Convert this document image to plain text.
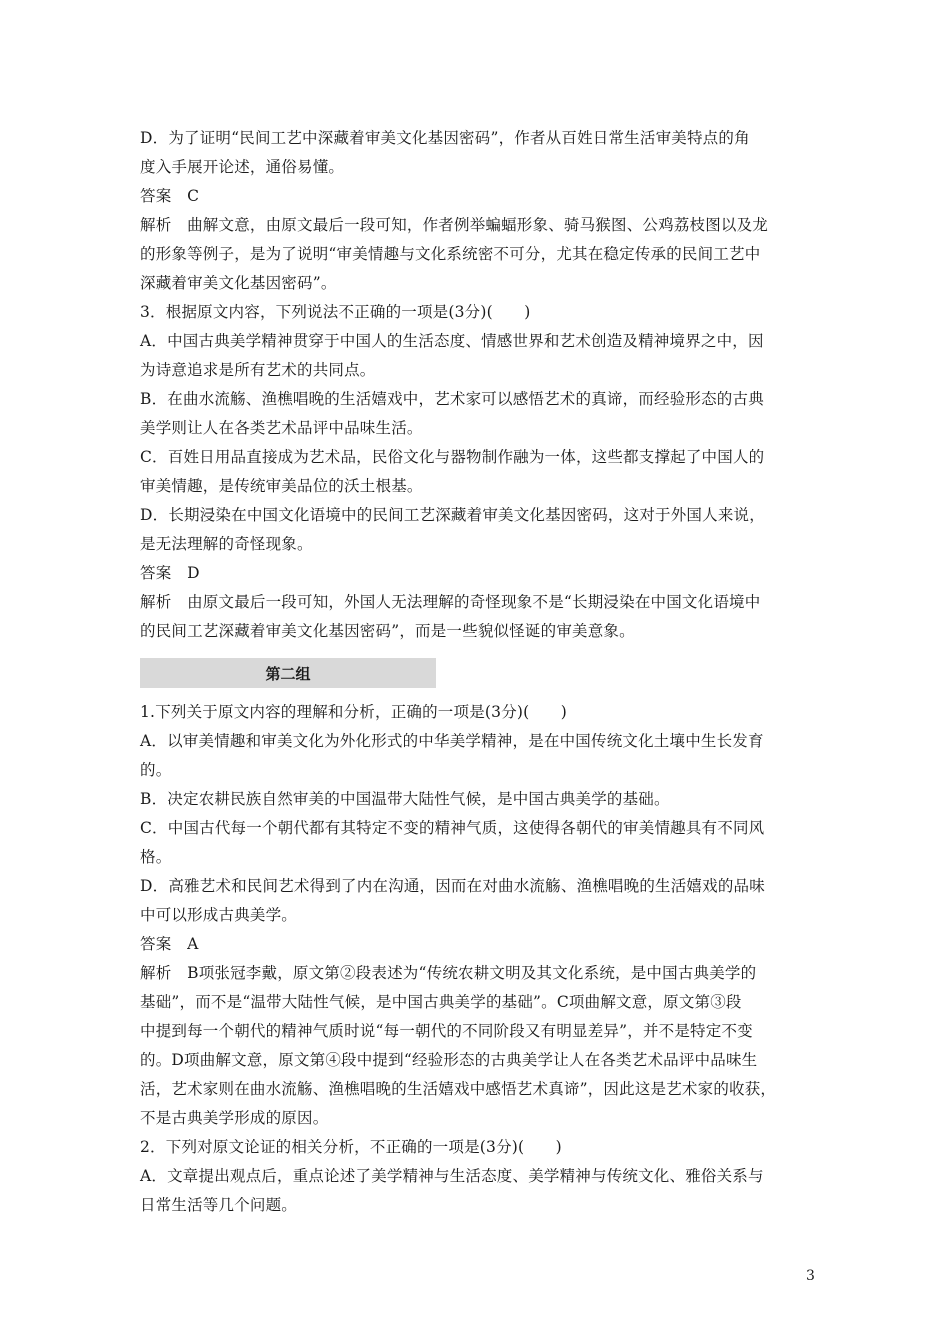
D．为了证明“民间工艺中深藏着审美文化基因密码”，作者从百姓日常生活审美特点的角
度入手展开论述，通俗易懂。
答案　C
解析　曲解文意，由原文最后一段可知，作者例举蝙蝠形象、骑马猴图、公鸡荔枝图以及龙
的形象等例子，是为了说明“审美情趣与文化系统密不可分，尤其在稳定传承的民间工艺中
深藏着审美文化基因密码”。
3．根据原文内容，下列说法不正确的一项是(3分)(　　)
A．中国古典美学精神贯穿于中国人的生活态度、情感世界和艺术创造及精神境界之中，因
为诗意追求是所有艺术的共同点。
B．在曲水流觞、渔樵唱晚的生活嬉戏中，艺术家可以感悟艺术的真谛，而经验形态的古典
美学则让人在各类艺术品评中品味生活。
C．百姓日用品直接成为艺术品，民俗文化与器物制作融为一体，这些都支撑起了中国人的
审美情趣，是传统审美品位的沃土根基。
D．长期浸染在中国文化语境中的民间工艺深藏着审美文化基因密码，这对于外国人来说，
是无法理解的奇怪现象。
答案　D
解析　由原文最后一段可知，外国人无法理解的奇怪现象不是“长期浸染在中国文化语境中
的民间工艺深藏着审美文化基因密码”，而是一些貌似怪诞的审美意象。
第二组
1.下列关于原文内容的理解和分析，正确的一项是(3分)(　　)
A．以审美情趣和审美文化为外化形式的中华美学精神，是在中国传统文化土壤中生长发育
的。
B．决定农耕民族自然审美的中国温带大陆性气候，是中国古典美学的基础。
C．中国古代每一个朝代都有其特定不变的精神气质，这使得各朝代的审美情趣具有不同风
格。
D．高雅艺术和民间艺术得到了内在沟通，因而在对曲水流觞、渔樵唱晚的生活嬉戏的品味
中可以形成古典美学。
答案　A
解析　B项张冠李戴，原文第②段表述为“传统农耕文明及其文化系统，是中国古典美学的
基础”，而不是“温带大陆性气候，是中国古典美学的基础”。C项曲解文意，原文第③段
中提到每一个朝代的精神气质时说“每一朝代的不同阶段又有明显差异”，并不是特定不变
的。D项曲解文意，原文第④段中提到“经验形态的古典美学让人在各类艺术品评中品味生
活，艺术家则在曲水流觞、渔樵唱晚的生活嬉戏中感悟艺术真谛”，因此这是艺术家的收获，
不是古典美学形成的原因。
2．下列对原文论证的相关分析，不正确的一项是(3分)(　　)
A．文章提出观点后，重点论述了美学精神与生活态度、美学精神与传统文化、雅俗关系与
日常生活等几个问题。
3
